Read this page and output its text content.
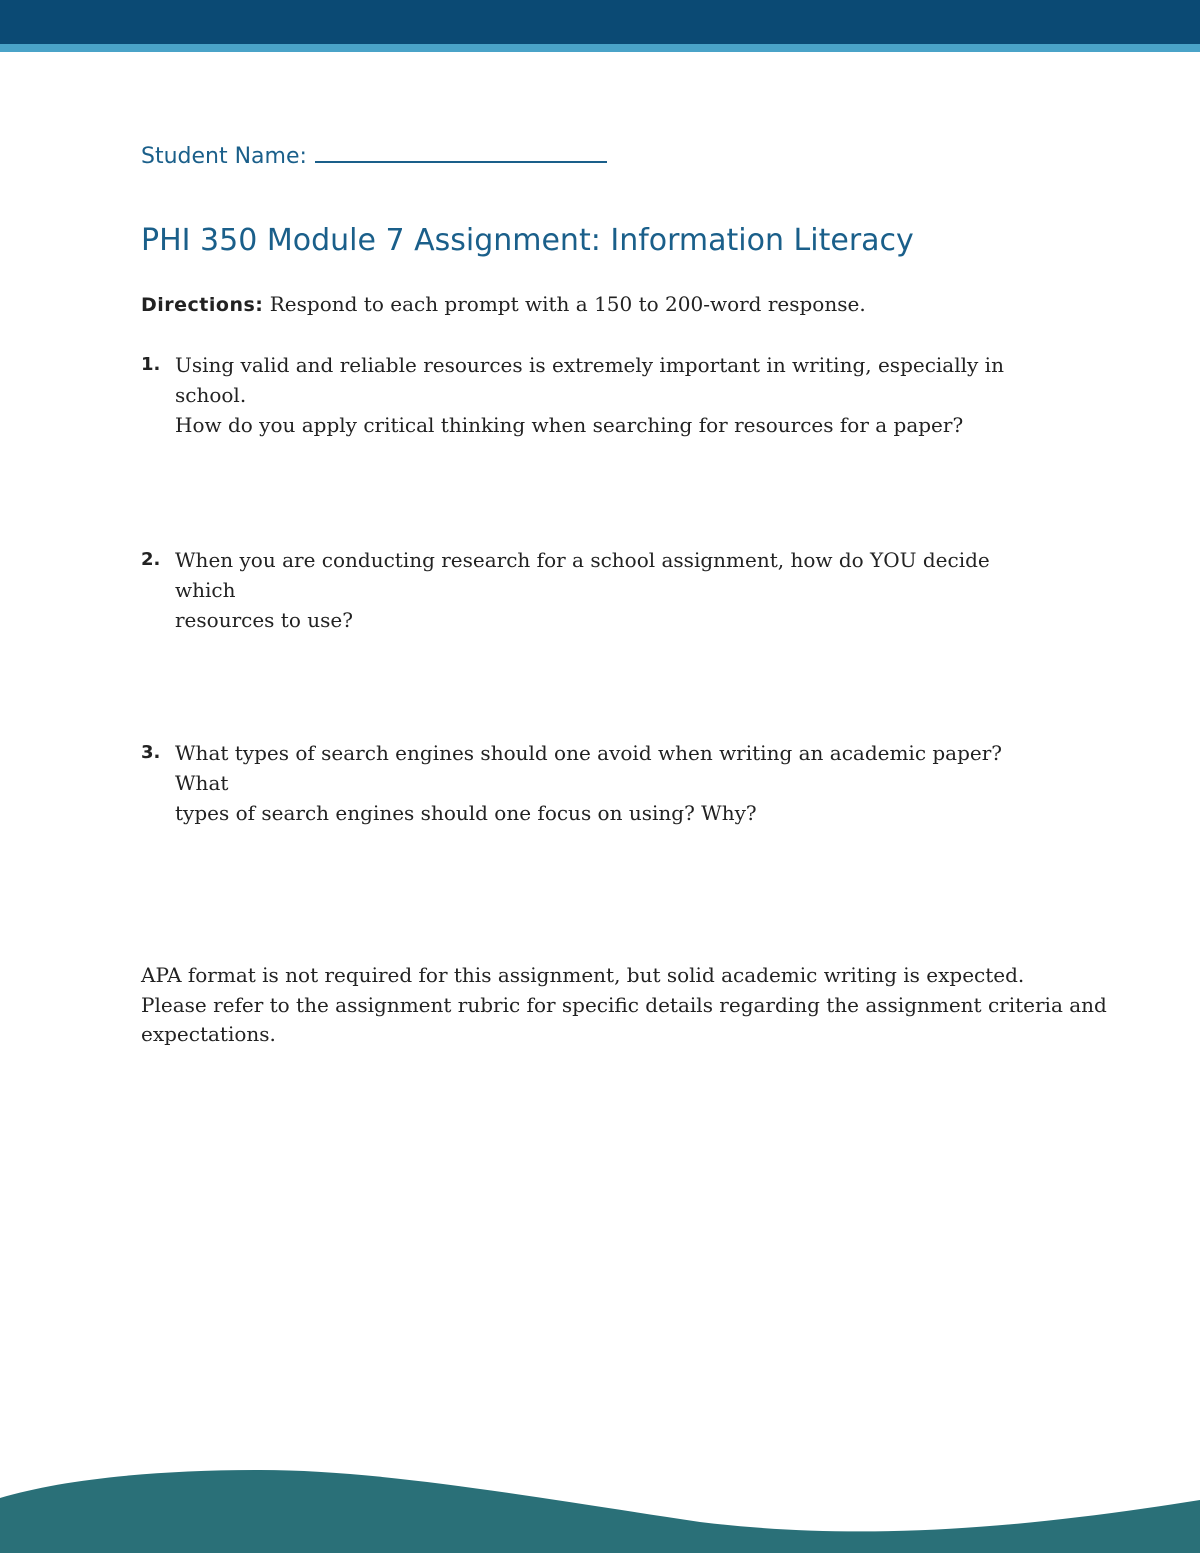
Student Name:
PHI 350 Module 7 Assignment: Information Literacy
Directions: Respond to each prompt with a 150 to 200-word response.
1. Using valid and reliable resources is extremely important in writing, especially in school.
How do you apply critical thinking when searching for resources for a paper?
2. When you are conducting research for a school assignment, how do YOU decide which
resources to use?
3. What types of search engines should one avoid when writing an academic paper? What
types of search engines should one focus on using? Why?
APA format is not required for this assignment, but solid academic writing is expected.
Please refer to the assignment rubric for specific details regarding the assignment criteria and
expectations.
